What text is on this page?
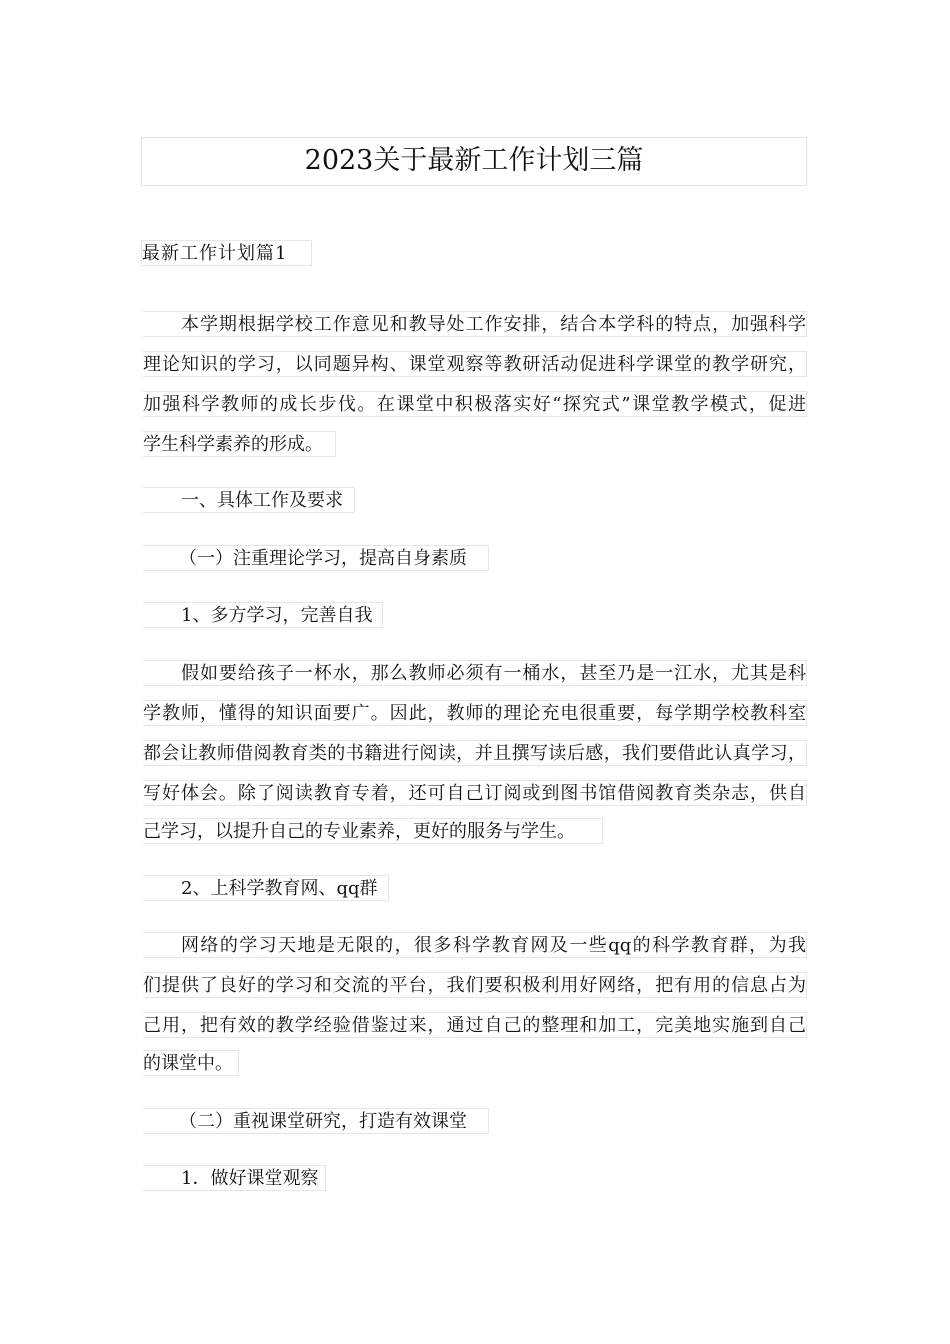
2023关于最新工作计划三篇
最新工作计划篇1
本学期根据学校工作意见和教导处工作安排，结合本学科的特点，加强科学
理论知识的学习，以同题异构、课堂观察等教研活动促进科学课堂的教学研究，
加强科学教师的成长步伐。在课堂中积极落实好“探究式”课堂教学模式，促进
学生科学素养的形成。
一、具体工作及要求
（一）注重理论学习，提高自身素质
1、多方学习，完善自我
假如要给孩子一杯水，那么教师必须有一桶水，甚至乃是一江水，尤其是科
学教师，懂得的知识面要广。因此，教师的理论充电很重要，每学期学校教科室
都会让教师借阅教育类的书籍进行阅读，并且撰写读后感，我们要借此认真学习，
写好体会。除了阅读教育专着，还可自己订阅或到图书馆借阅教育类杂志，供自
己学习，以提升自己的专业素养，更好的服务与学生。
2、上科学教育网、qq群
网络的学习天地是无限的，很多科学教育网及一些qq的科学教育群，为我
们提供了良好的学习和交流的平台，我们要积极利用好网络，把有用的信息占为
己用，把有效的教学经验借鉴过来，通过自己的整理和加工，完美地实施到自己
的课堂中。
（二）重视课堂研究，打造有效课堂
1．做好课堂观察
